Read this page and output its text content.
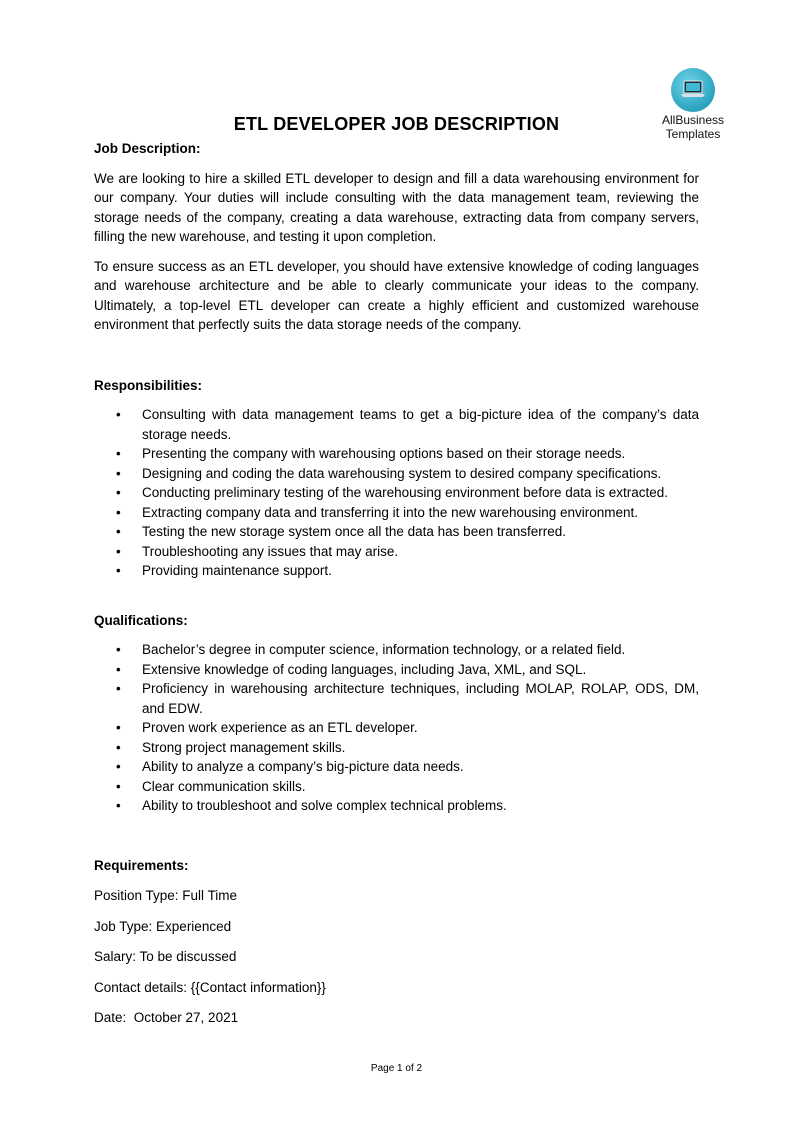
AllBusiness
Templates
ETL DEVELOPER JOB DESCRIPTION

Job Description:

We are looking to hire a skilled ETL developer to design and fill a data warehousing environment for our company. Your duties will include consulting with the data management team, reviewing the storage needs of the company, creating a data warehouse, extracting data from company servers, filling the new warehouse, and testing it upon completion.

To ensure success as an ETL developer, you should have extensive knowledge of coding languages and warehouse architecture and be able to clearly communicate your ideas to the company. Ultimately, a top-level ETL developer can create a highly efficient and customized warehouse environment that perfectly suits the data storage needs of the company.

Responsibilities:

• Consulting with data management teams to get a big-picture idea of the company’s data storage needs.
• Presenting the company with warehousing options based on their storage needs.
• Designing and coding the data warehousing system to desired company specifications.
• Conducting preliminary testing of the warehousing environment before data is extracted.
• Extracting company data and transferring it into the new warehousing environment.
• Testing the new storage system once all the data has been transferred.
• Troubleshooting any issues that may arise.
• Providing maintenance support.

Qualifications:

• Bachelor’s degree in computer science, information technology, or a related field.
• Extensive knowledge of coding languages, including Java, XML, and SQL.
• Proficiency in warehousing architecture techniques, including MOLAP, ROLAP, ODS, DM, and EDW.
• Proven work experience as an ETL developer.
• Strong project management skills.
• Ability to analyze a company’s big-picture data needs.
• Clear communication skills.
• Ability to troubleshoot and solve complex technical problems.

Requirements:

Position Type: Full Time

Job Type: Experienced

Salary: To be discussed

Contact details: {{Contact information}}

Date:  October 27, 2021

Page 1 of 2
